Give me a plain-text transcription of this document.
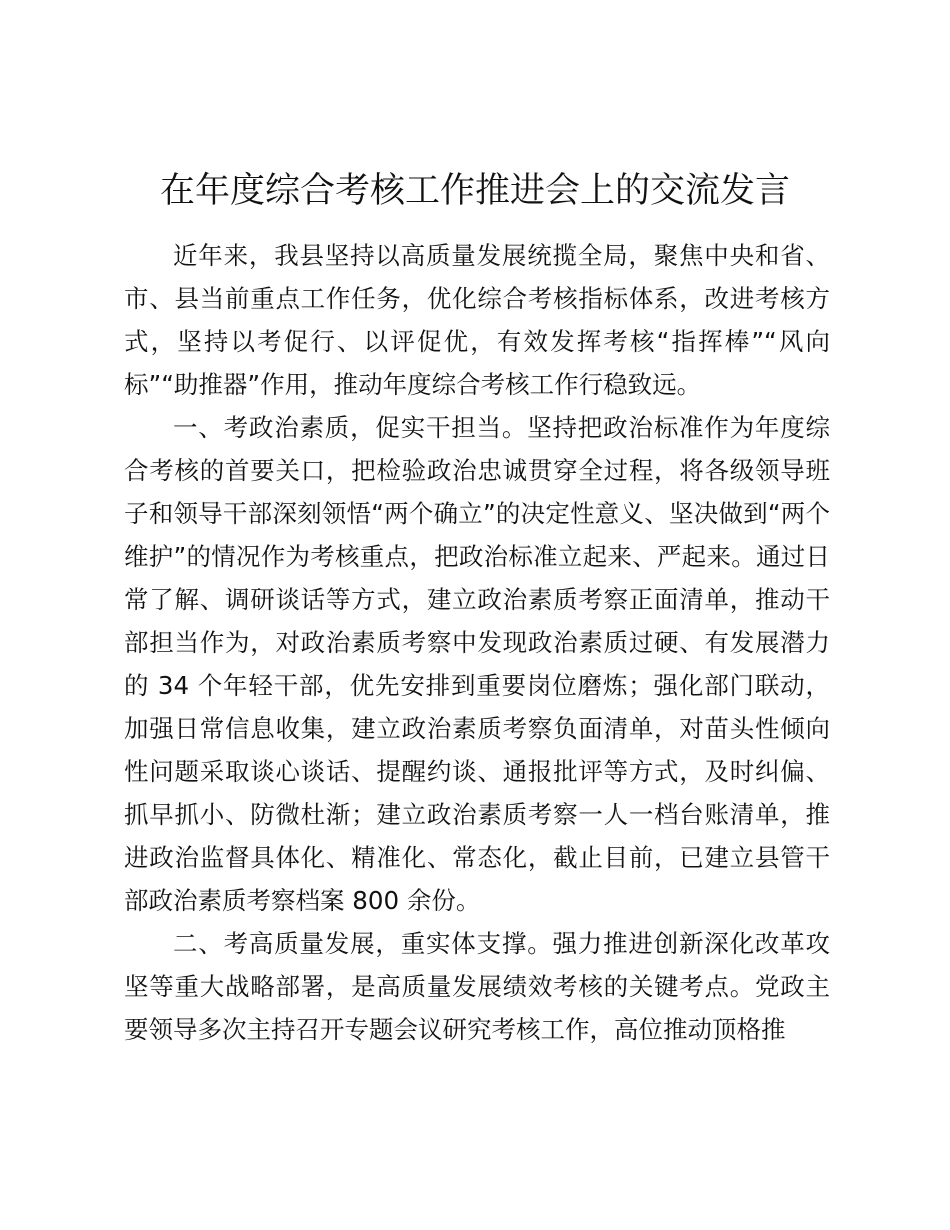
在年度综合考核工作推进会上的交流发言

近年来，我县坚持以高质量发展统揽全局，聚焦中央和省、市、县当前重点工作任务，优化综合考核指标体系，改进考核方式，坚持以考促行、以评促优，有效发挥考核“指挥棒”“风向标”“助推器”作用，推动年度综合考核工作行稳致远。

一、考政治素质，促实干担当。坚持把政治标准作为年度综合考核的首要关口，把检验政治忠诚贯穿全过程，将各级领导班子和领导干部深刻领悟“两个确立”的决定性意义、坚决做到“两个维护”的情况作为考核重点，把政治标准立起来、严起来。通过日常了解、调研谈话等方式，建立政治素质考察正面清单，推动干部担当作为，对政治素质考察中发现政治素质过硬、有发展潜力的 34 个年轻干部，优先安排到重要岗位磨炼；强化部门联动，加强日常信息收集，建立政治素质考察负面清单，对苗头性倾向性问题采取谈心谈话、提醒约谈、通报批评等方式，及时纠偏、抓早抓小、防微杜渐；建立政治素质考察一人一档台账清单，推进政治监督具体化、精准化、常态化，截止目前，已建立县管干部政治素质考察档案 800 余份。

二、考高质量发展，重实体支撑。强力推进创新深化改革攻坚等重大战略部署，是高质量发展绩效考核的关键考点。党政主要领导多次主持召开专题会议研究考核工作，高位推动顶格推
